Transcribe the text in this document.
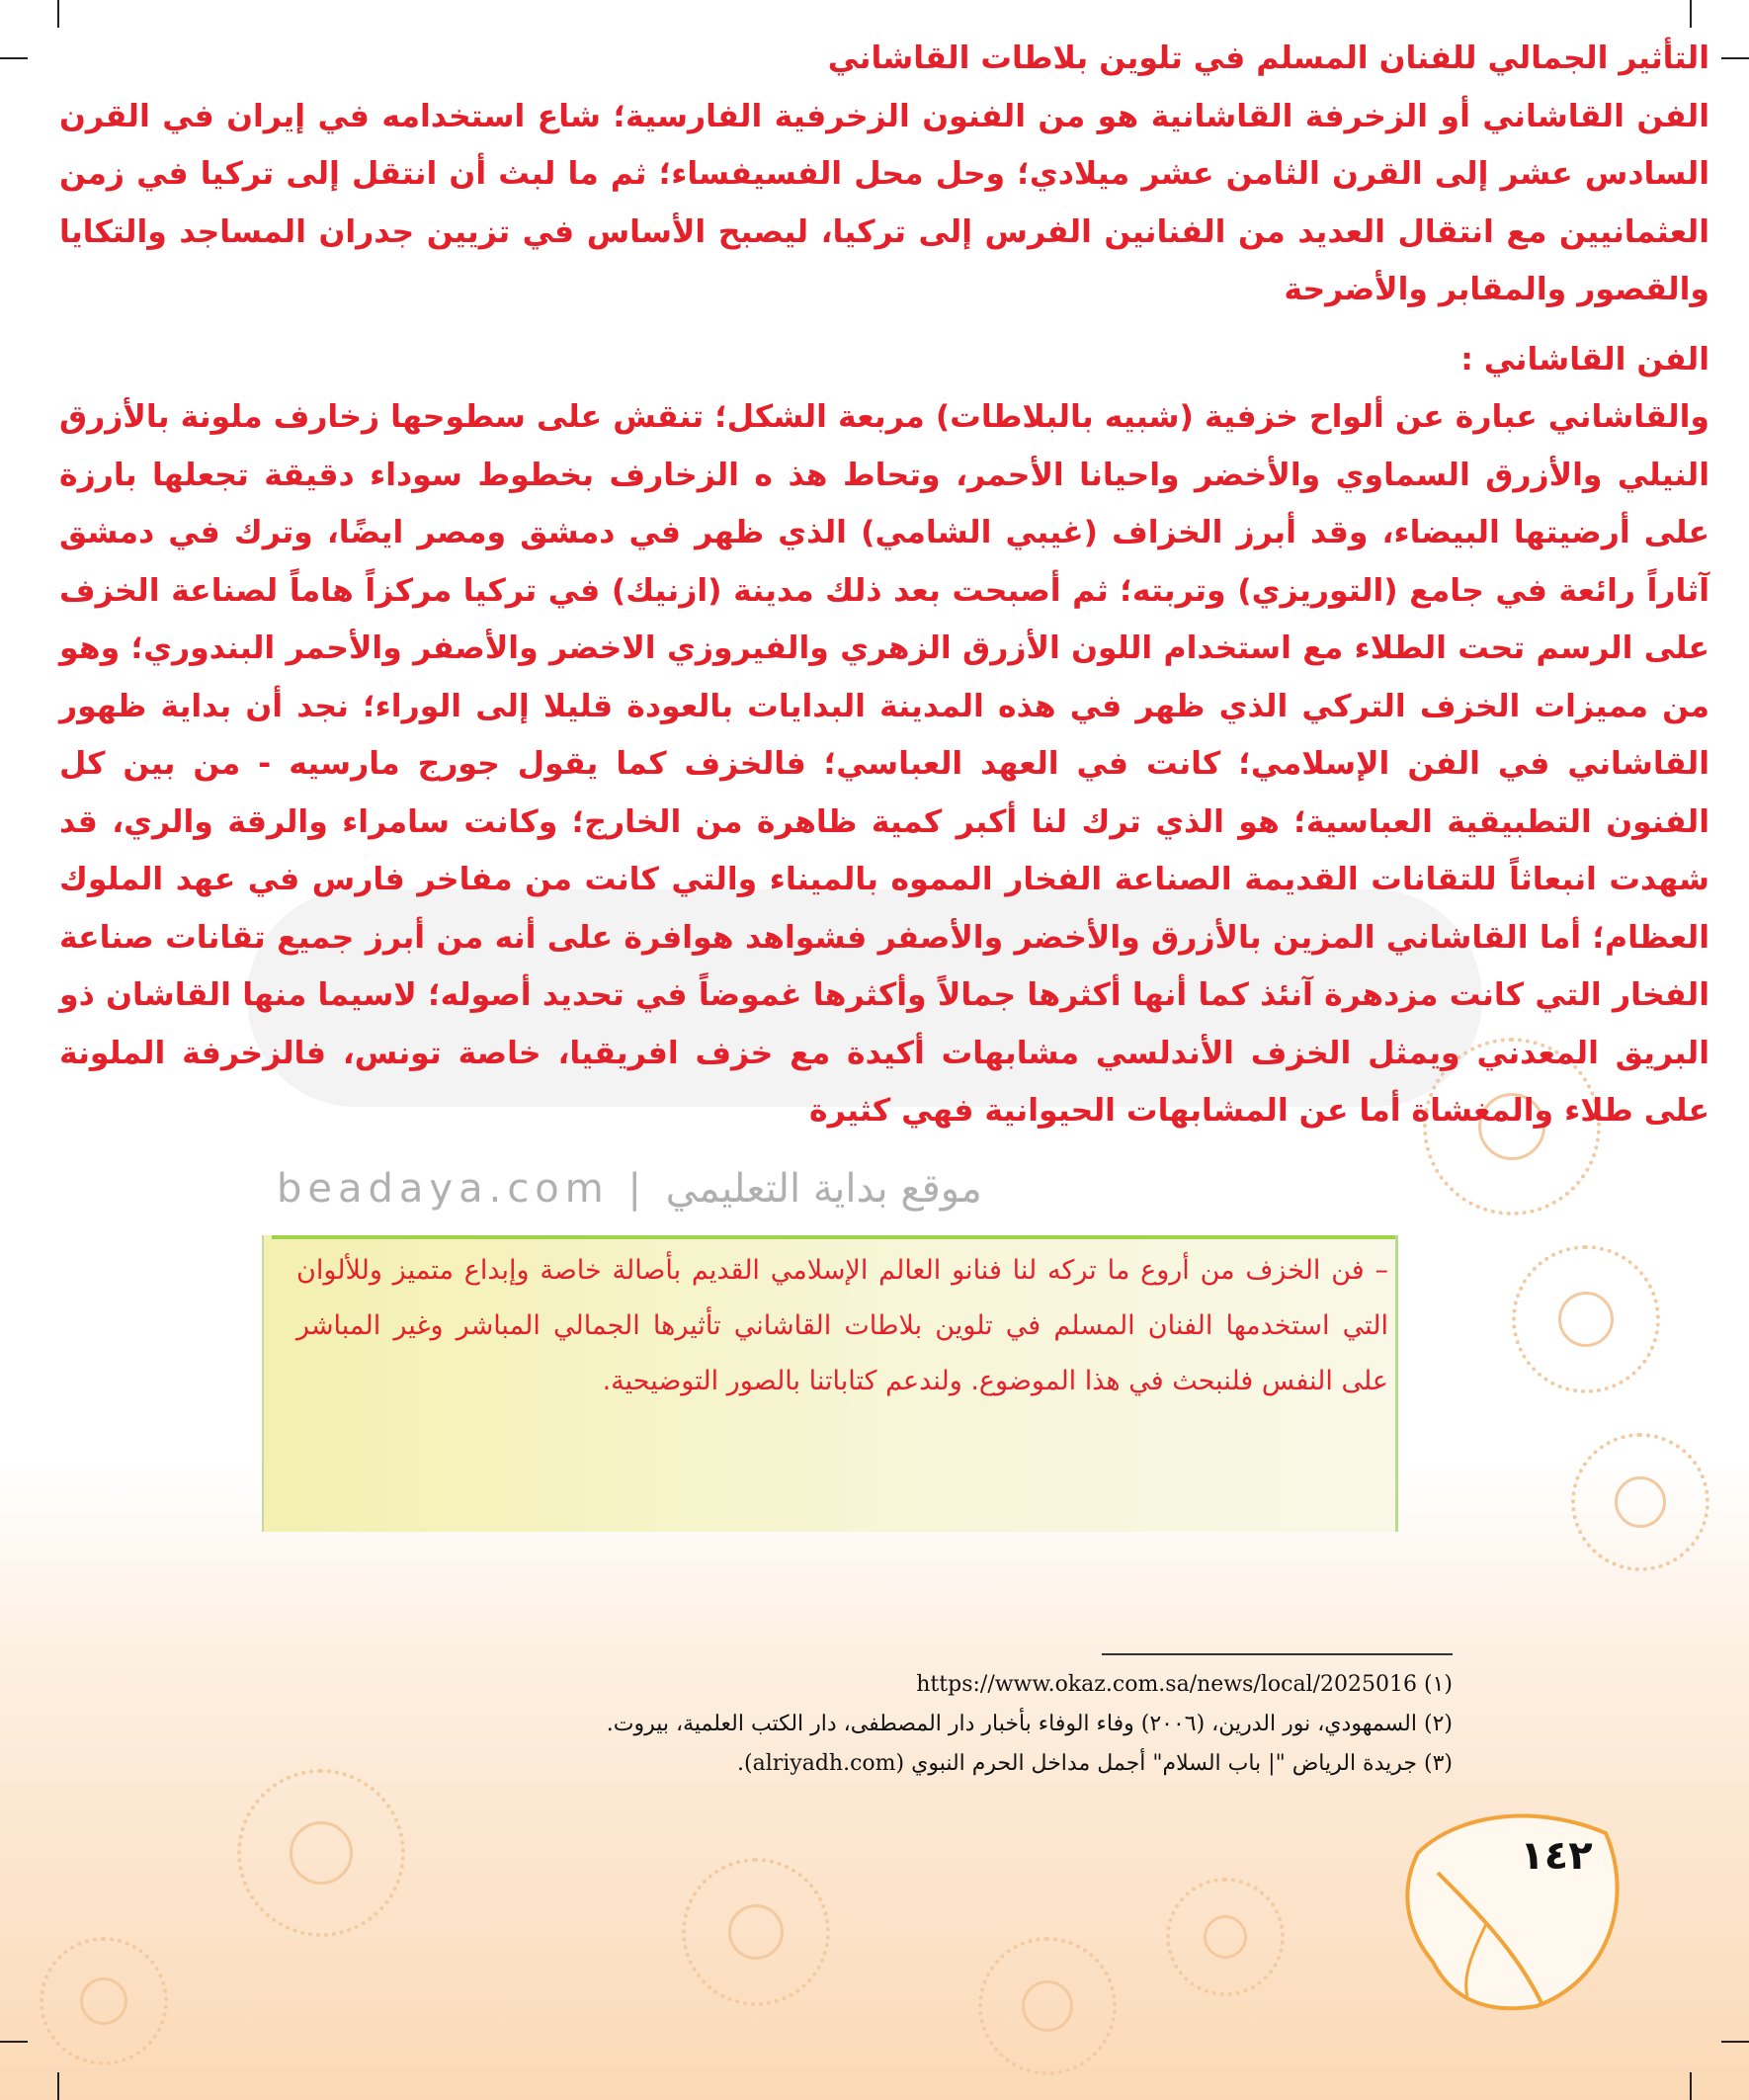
beadaya.com | موقع بداية التعليمي

التأثير الجمالي للفنان المسلم في تلوين بلاطات القاشاني

الفن القاشاني أو الزخرفة القاشانية هو من الفنون الزخرفية الفارسية؛ شاع استخدامه في إيران في القرن السادس عشر إلى القرن الثامن عشر ميلادي؛ وحل محل الفسيفساء؛ ثم ما لبث أن انتقل إلى تركيا في زمن العثمانيين مع انتقال العديد من الفنانين الفرس إلى تركيا، ليصبح الأساس في تزيين جدران المساجد والتكايا والقصور والمقابر والأضرحة

الفن القاشاني :

والقاشاني عبارة عن ألواح خزفية (شبيه بالبلاطات) مربعة الشكل؛ تنقش على سطوحها زخارف ملونة بالأزرق النيلي والأزرق السماوي والأخضر واحيانا الأحمر، وتحاط هذ ه الزخارف بخطوط سوداء دقيقة تجعلها بارزة على أرضيتها البيضاء، وقد أبرز الخزاف (غيبي الشامي) الذي ظهر في دمشق ومصر ايضًا، وترك في دمشق آثاراً رائعة في جامع (التوريزي) وتربته؛ ثم أصبحت بعد ذلك مدينة (ازنيك) في تركيا مركزاً هاماً لصناعة الخزف على الرسم تحت الطلاء مع استخدام اللون الأزرق الزهري والفيروزي الاخضر والأصفر والأحمر البندوري؛ وهو من مميزات الخزف التركي الذي ظهر في هذه المدينة البدايات بالعودة قليلا إلى الوراء؛ نجد أن بداية ظهور القاشاني في الفن الإسلامي؛ كانت في العهد العباسي؛ فالخزف كما يقول جورج مارسيه - من بين كل الفنون التطبيقية العباسية؛ هو الذي ترك لنا أكبر كمية ظاهرة من الخارج؛ وكانت سامراء والرقة والري، قد شهدت انبعاثاً للتقانات القديمة الصناعة الفخار المموه بالميناء والتي كانت من مفاخر فارس في عهد الملوك العظام؛ أما القاشاني المزين بالأزرق والأخضر والأصفر فشواهد هوافرة على أنه من أبرز جميع تقانات صناعة الفخار التي كانت مزدهرة آنئذ كما أنها أكثرها جمالاً وأكثرها غموضاً في تحديد أصوله؛ لاسيما منها القاشان ذو البريق المعدني ويمثل الخزف الأندلسي مشابهات أكيدة مع خزف افريقيا، خاصة تونس، فالزخرفة الملونة على طلاء والمغشاة أما عن المشابهات الحيوانية فهي كثيرة

– فن الخزف من أروع ما تركه لنا فنانو العالم الإسلامي القديم بأصالة خاصة وإبداع متميز وللألوان التي استخدمها الفنان المسلم في تلوين بلاطات القاشاني تأثيرها الجمالي المباشر وغير المباشر على النفس فلنبحث في هذا الموضوع. ولندعم كتاباتنا بالصور التوضيحية.
(١) https://www.okaz.com.sa/news/local/2025016
(٢) السمهودي، نور الدرين، (٢٠٠٦) وفاء الوفاء بأخبار دار المصطفى، دار الكتب العلمية، بيروت.
(٣) جريدة الرياض "| باب السلام" أجمل مداخل الحرم النبوي (alriyadh.com).
١٤٢
